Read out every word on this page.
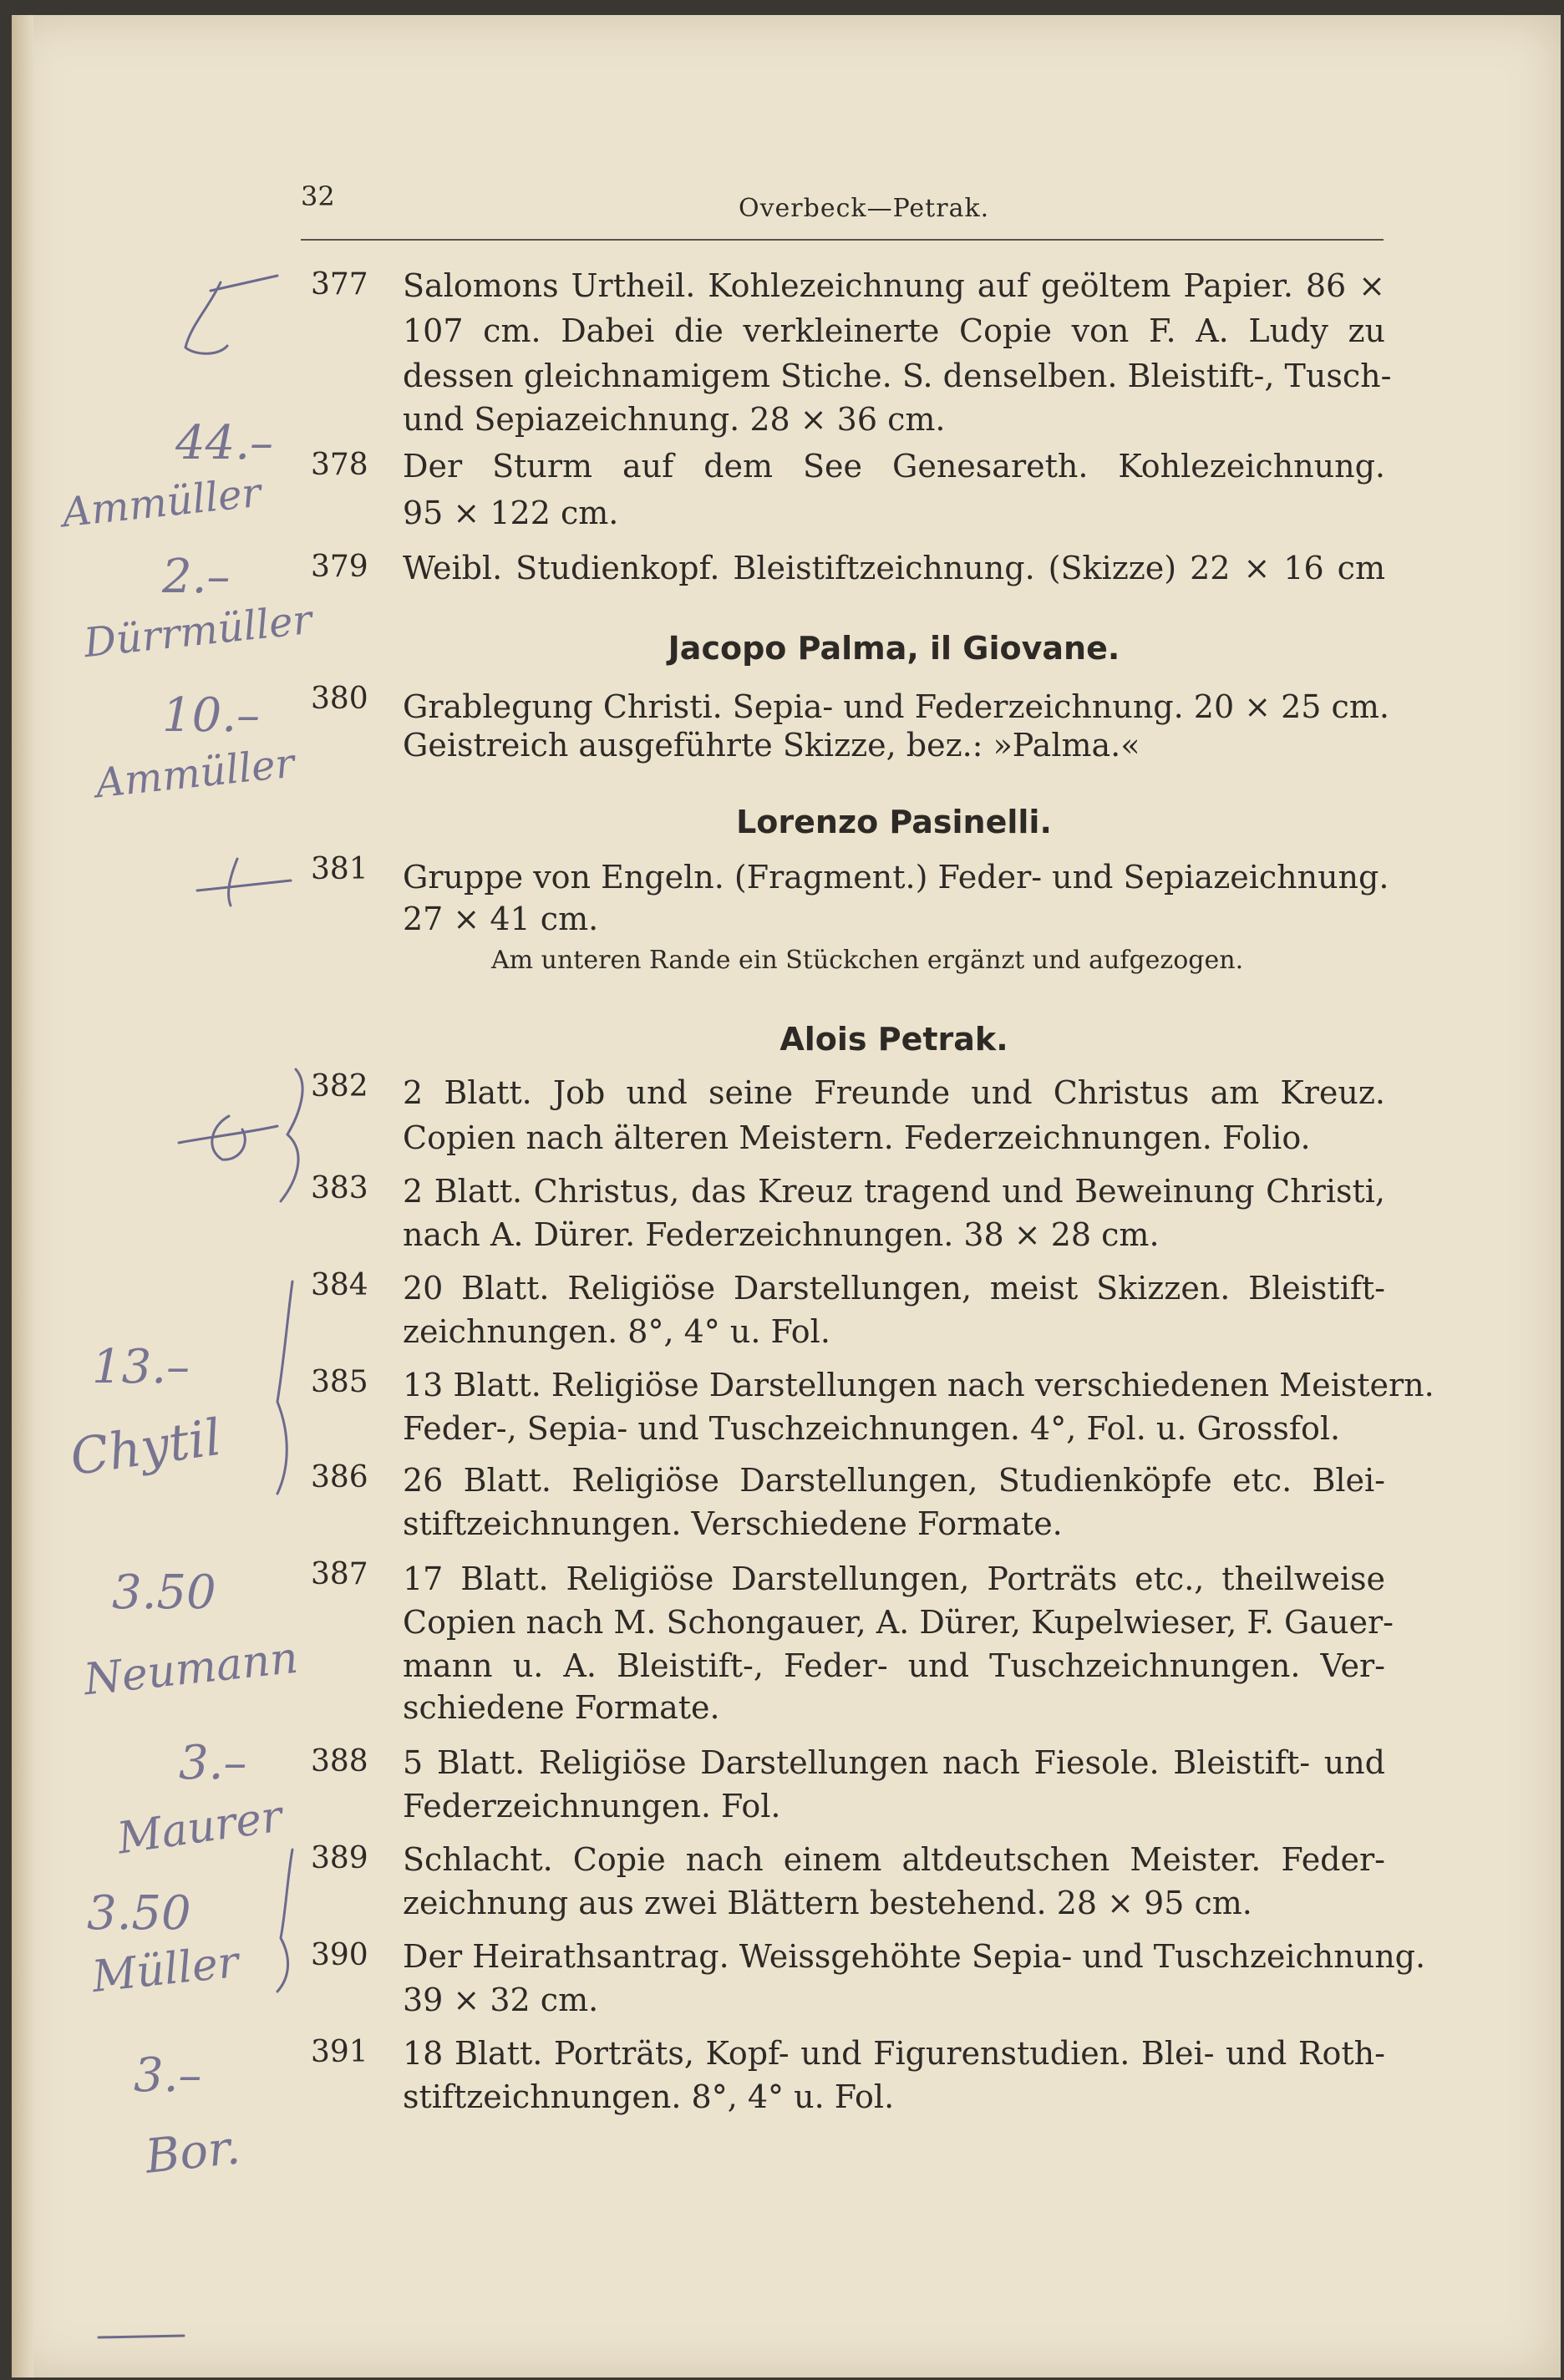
32	Overbeck—Petrak.
377 Salomons Urtheil. Kohlezeichnung auf geöltem Papier. 86 ×
107 cm. Dabei die verkleinerte Copie von F. A. Ludy zu
dessen gleichnamigem Stiche. S. denselben. Bleistift-, Tusch-
und Sepiazeichnung. 28 × 36 cm.
378 Der Sturm auf dem See Genesareth. Kohlezeichnung.
95 × 122 cm.
379 Weibl. Studienkopf. Bleistiftzeichnung. (Skizze) 22 × 16 cm
Jacopo Palma, il Giovane.
380 Grablegung Christi. Sepia- und Federzeichnung. 20 × 25 cm.
Geistreich ausgeführte Skizze, bez.: »Palma.«
Lorenzo Pasinelli.
381 Gruppe von Engeln. (Fragment.) Feder- und Sepiazeichnung.
27 × 41 cm.
Am unteren Rande ein Stückchen ergänzt und aufgezogen.
Alois Petrak.
382 2 Blatt. Job und seine Freunde und Christus am Kreuz.
Copien nach älteren Meistern. Federzeichnungen. Folio.
383 2 Blatt. Christus, das Kreuz tragend und Beweinung Christi,
nach A. Dürer. Federzeichnungen. 38 × 28 cm.
384 20 Blatt. Religiöse Darstellungen, meist Skizzen. Bleistift-
zeichnungen. 8°, 4° u. Fol.
385 13 Blatt. Religiöse Darstellungen nach verschiedenen Meistern.
Feder-, Sepia- und Tuschzeichnungen. 4°, Fol. u. Grossfol.
386 26 Blatt. Religiöse Darstellungen, Studienköpfe etc. Blei-
stiftzeichnungen. Verschiedene Formate.
387 17 Blatt. Religiöse Darstellungen, Porträts etc., theilweise
Copien nach M. Schongauer, A. Dürer, Kupelwieser, F. Gauer-
mann u. A. Bleistift-, Feder- und Tuschzeichnungen. Ver-
schiedene Formate.
388 5 Blatt. Religiöse Darstellungen nach Fiesole. Bleistift- und
Federzeichnungen. Fol.
389 Schlacht. Copie nach einem altdeutschen Meister. Feder-
zeichnung aus zwei Blättern bestehend. 28 × 95 cm.
390 Der Heirathsantrag. Weissgehöhte Sepia- und Tuschzeichnung.
39 × 32 cm.
391 18 Blatt. Porträts, Kopf- und Figurenstudien. Blei- und Roth-
stiftzeichnungen. 8°, 4° u. Fol.
44.–
Ammüller
2.–
Dürrmüller
10.–
Ammüller
13.–
Chytil
3.50
Neumann
3.–
Maurer
3.50
Müller
3.–
Bor.
